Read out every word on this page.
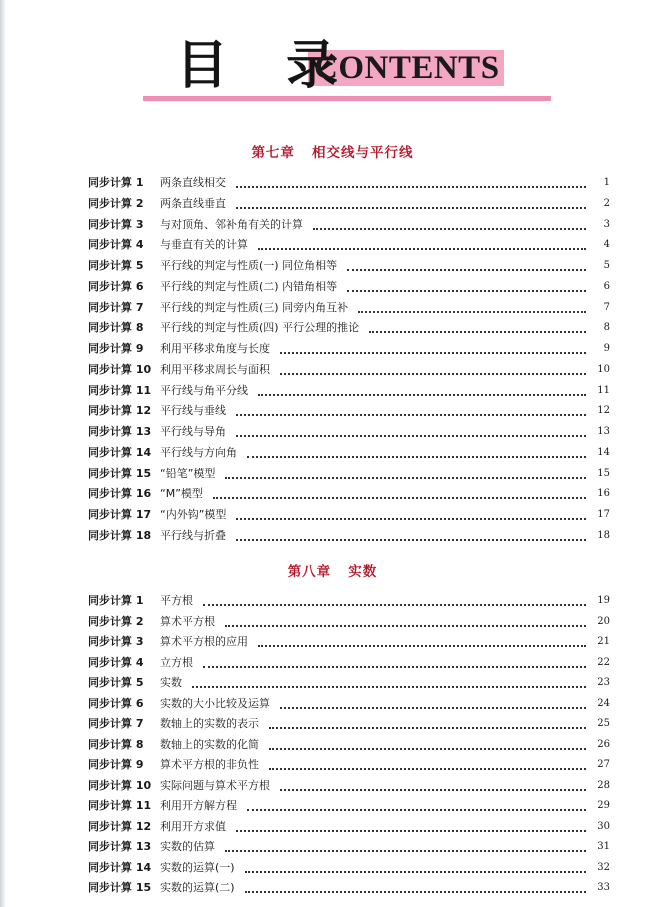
目 录
CONTENTS
第七章   相交线与平行线
同步计算 1	两条直线相交	1
同步计算 2	两条直线垂直	2
同步计算 3	与对顶角、邻补角有关的计算	3
同步计算 4	与垂直有关的计算	4
同步计算 5	平行线的判定与性质(一) 同位角相等	5
同步计算 6	平行线的判定与性质(二) 内错角相等	6
同步计算 7	平行线的判定与性质(三) 同旁内角互补	7
同步计算 8	平行线的判定与性质(四) 平行公理的推论	8
同步计算 9	利用平移求角度与长度	9
同步计算 10 利用平移求周长与面积	10
同步计算 11 平行线与角平分线	11
同步计算 12 平行线与垂线	12
同步计算 13 平行线与导角	13
同步计算 14 平行线与方向角	14
同步计算 15 “铅笔”模型	15
同步计算 16 “M”模型	16
同步计算 17 “内外钩”模型	17
同步计算 18 平行线与折叠	18
第八章   实数
同步计算 1	平方根	19
同步计算 2	算术平方根	20
同步计算 3	算术平方根的应用	21
同步计算 4	立方根	22
同步计算 5	实数	23
同步计算 6	实数的大小比较及运算	24
同步计算 7	数轴上的实数的表示	25
同步计算 8	数轴上的实数的化简	26
同步计算 9	算术平方根的非负性	27
同步计算 10 实际问题与算术平方根	28
同步计算 11 利用开方解方程	29
同步计算 12 利用开方求值	30
同步计算 13 实数的估算	31
同步计算 14 实数的运算(一)	32
同步计算 15 实数的运算(二)	33
